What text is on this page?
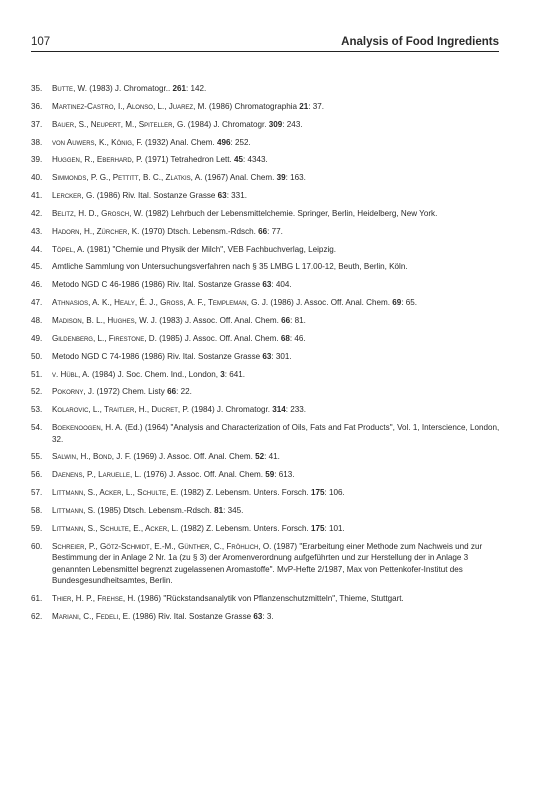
107	Analysis of Food Ingredients
35.	Butte, W. (1983) J. Chromatogr.. 261: 142.
36.	Martinez-Castro, I., Alonso, L., Juarez, M. (1986) Chromatographia 21: 37.
37.	Bauer, S., Neupert, M., Spiteller, G. (1984) J. Chromatogr. 309: 243.
38.	von Auwers, K., König, F. (1932) Anal. Chem. 496: 252.
39.	Huggen, R., Eberhard, P. (1971) Tetrahedron Lett. 45: 4343.
40.	Simmonds, P. G., Pettitt, B. C., Zlatkis, A. (1967) Anal. Chem. 39: 163.
41.	Lercker, G. (1986) Riv. Ital. Sostanze Grasse 63: 331.
42.	Belitz, H. D., Grosch, W. (1982) Lehrbuch der Lebensmittelchemie. Springer, Berlin, Heidelberg, New York.
43.	Hadorn, H., Zürcher, K. (1970) Dtsch. Lebensm.-Rdsch. 66: 77.
44.	Töpel, A. (1981) "Chemie und Physik der Milch", VEB Fachbuchverlag, Leipzig.
45.	Amtliche Sammlung von Untersuchungsverfahren nach § 35 LMBG L 17.00-12, Beuth, Berlin, Köln.
46.	Metodo NGD C 46-1986 (1986) Riv. Ital. Sostanze Grasse 63: 404.
47.	Athnasios, A. K., Healy, É. J., Gross, A. F., Templeman, G. J. (1986) J. Assoc. Off. Anal. Chem. 69: 65.
48.	Madison, B. L., Hughes, W. J. (1983) J. Assoc. Off. Anal. Chem. 66: 81.
49.	Gildenberg, L., Firestone, D. (1985) J. Assoc. Off. Anal. Chem. 68: 46.
50.	Metodo NGD C 74-1986 (1986) Riv. Ital. Sostanze Grasse 63: 301.
51.	v. Hübl, A. (1984) J. Soc. Chem. Ind., London, 3: 641.
52.	Pokorny, J. (1972) Chem. Listy 66: 22.
53.	Kolarovic, L., Traitler, H., Ducret, P. (1984) J. Chromatogr. 314: 233.
54.	Boekenoogen, H. A. (Ed.) (1964) "Analysis and Characterization of Oils, Fats and Fat Products", Vol. 1, Interscience, London, 32.
55.	Salwin, H., Bond, J. F. (1969) J. Assoc. Off. Anal. Chem. 52: 41.
56.	Daenens, P., Laruelle, L. (1976) J. Assoc. Off. Anal. Chem. 59: 613.
57.	Littmann, S., Acker, L., Schulte, E. (1982) Z. Lebensm. Unters. Forsch. 175: 106.
58.	Littmann, S. (1985) Dtsch. Lebensm.-Rdsch. 81: 345.
59.	Littmann, S., Schulte, E., Acker, L. (1982) Z. Lebensm. Unters. Forsch. 175: 101.
60.	Schreier, P., Götz-Schmidt, E.-M., Günther, C., Fröhlich, O. (1987) "Erarbeitung einer Methode zum Nachweis und zur Bestimmung der in Anlage 2 Nr. 1a (zu § 3) der Aromenverordnung aufgeführten und zur Herstellung der in Anlage 3 genannten Lebensmittel begrenzt zugelassenen Aromastoffe". MvP-Hefte 2/1987, Max von Pettenkofer-Institut des Bundesgesundheitsamtes, Berlin.
61.	Thier, H. P., Frehse, H. (1986) "Rückstandsanalytik von Pflanzenschutzmitteln", Thieme, Stuttgart.
62.	Mariani, C., Fedeli, E. (1986) Riv. Ital. Sostanze Grasse 63: 3.
